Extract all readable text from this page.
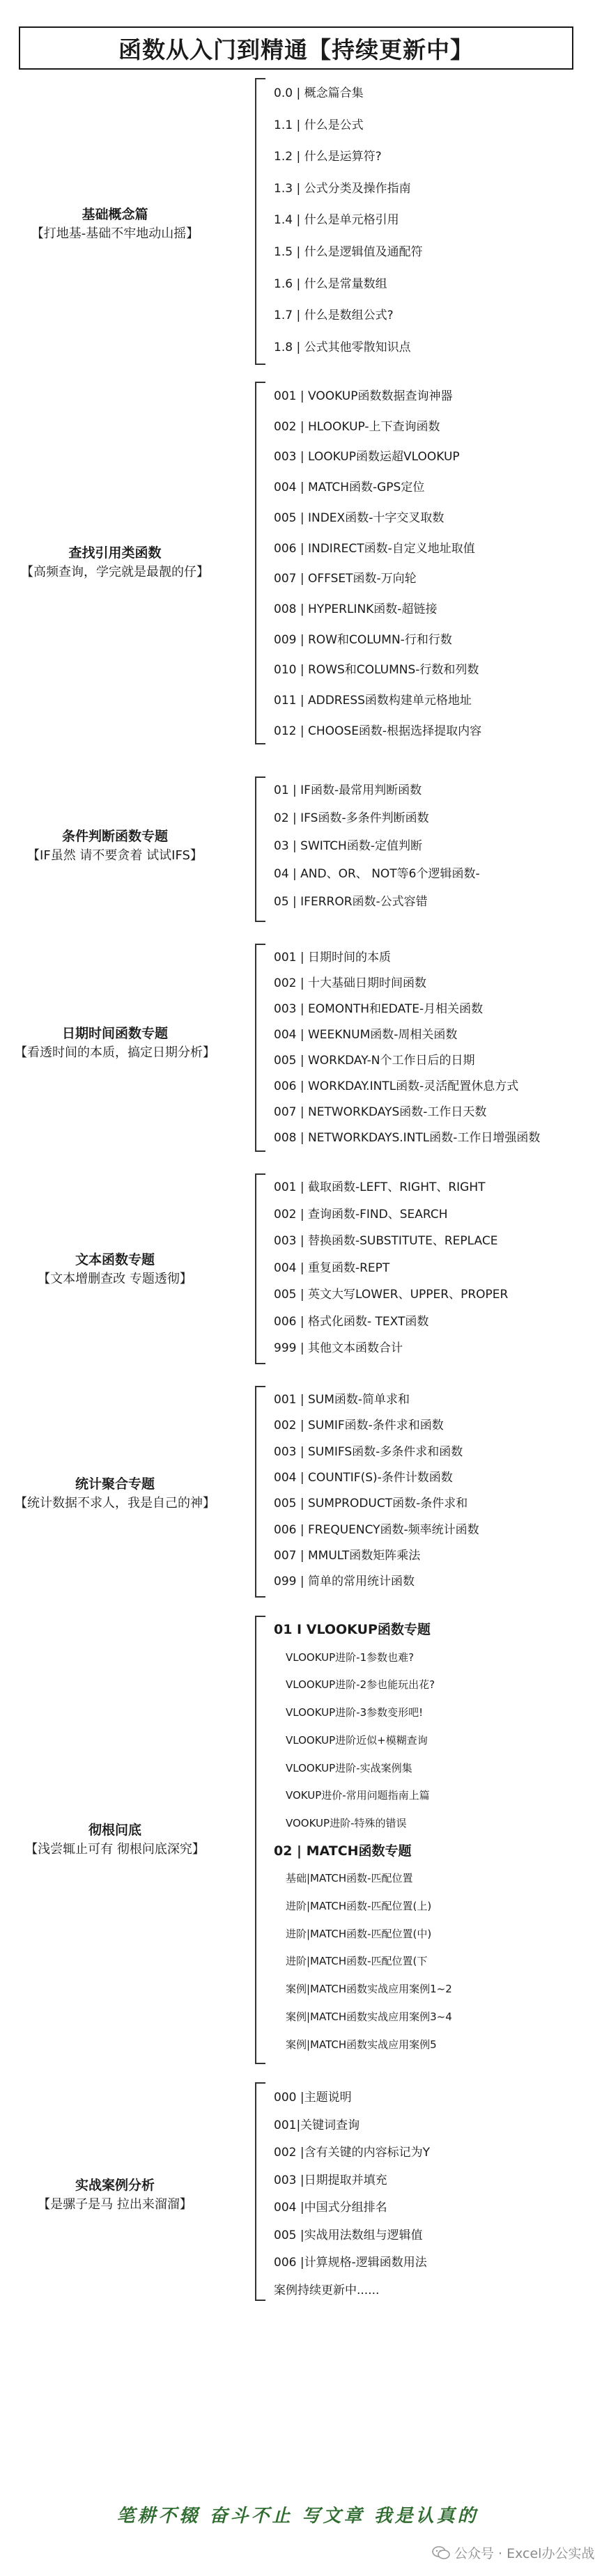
函数从入门到精通【持续更新中】
基础概念篇
【打地基-基础不牢地动山摇】
0.0 | 概念篇合集
1.1 | 什么是公式
1.2 | 什么是运算符?
1.3 | 公式分类及操作指南
1.4 | 什么是单元格引用
1.5 | 什么是逻辑值及通配符
1.6 | 什么是常量数组
1.7 | 什么是数组公式?
1.8 | 公式其他零散知识点
查找引用类函数
【高频查询，学完就是最靓的仔】
001 | VOOKUP函数数据查询神器
002 | HLOOKUP-上下查询函数
003 | LOOKUP函数运超VLOOKUP
004 | MATCH函数-GPS定位
005 | INDEX函数-十字交叉取数
006 | INDIRECT函数-自定义地址取值
007 | OFFSET函数-万向轮
008 | HYPERLINK函数-超链接
009 | ROW和COLUMN-行和行数
010 | ROWS和COLUMNS-行数和列数
011 | ADDRESS函数构建单元格地址
012 | CHOOSE函数-根据选择提取内容
条件判断函数专题
【IF虽然 请不要贪着 试试IFS】
01 | IF函数-最常用判断函数
02 | IFS函数-多条件判断函数
03 | SWITCH函数-定值判断
04 | AND、OR、 NOT等6个逻辑函数-
05 | IFERROR函数-公式容错
日期时间函数专题
【看透时间的本质，搞定日期分析】
001 | 日期时间的本质
002 | 十大基础日期时间函数
003 | EOMONTH和EDATE-月相关函数
004 | WEEKNUM函数-周相关函数
005 | WORKDAY-N个工作日后的日期
006 | WORKDAY.INTL函数-灵活配置休息方式
007 | NETWORKDAYS函数-工作日天数
008 | NETWORKDAYS.INTL函数-工作日增强函数
文本函数专题
【文本增删查改 专题透彻】
001 | 截取函数-LEFT、RIGHT、RIGHT
002 | 查询函数-FIND、SEARCH
003 | 替换函数-SUBSTITUTE、REPLACE
004 | 重复函数-REPT
005 | 英文大写LOWER、UPPER、PROPER
006 | 格式化函数- TEXT函数
999 | 其他文本函数合计
统计聚合专题
【统计数据不求人，我是自己的神】
001 | SUM函数-简单求和
002 | SUMIF函数-条件求和函数
003 | SUMIFS函数-多条件求和函数
004 | COUNTIF(S)-条件计数函数
005 | SUMPRODUCT函数-条件求和
006 | FREQUENCY函数-频率统计函数
007 | MMULT函数矩阵乘法
099 | 简单的常用统计函数
彻根问底
【浅尝辄止可有 彻根问底深究】
01 I VLOOKUP函数专题
VLOOKUP进阶-1参数也难?
VLOOKUP进阶-2参也能玩出花?
VLOOKUP进阶-3参数变形吧!
VLOOKUP进阶近似+模糊查询
VLOOKUP进阶-实战案例集
VOKUP进价-常用问题指南上篇
VOOKUP进阶-特殊的错误
02 | MATCH函数专题
基础|MATCH函数-匹配位置
进阶|MATCH函数-匹配位置(上)
进阶|MATCH函数-匹配位置(中)
进阶|MATCH函数-匹配位置(下
案例|MATCH函数实战应用案例1~2
案例|MATCH函数实战应用案例3~4
案例|MATCH函数实战应用案例5
实战案例分析
【是骡子是马 拉出来溜溜】
000 |主题说明
001|关键词查询
002 |含有关键的内容标记为Y
003 |日期提取并填充
004 |中国式分组排名
005 |实战用法数组与逻辑值
006 |计算规格-逻辑函数用法
案例持续更新中......
笔耕不辍 奋斗不止 写文章 我是认真的
公众号 · Excel办公实战
